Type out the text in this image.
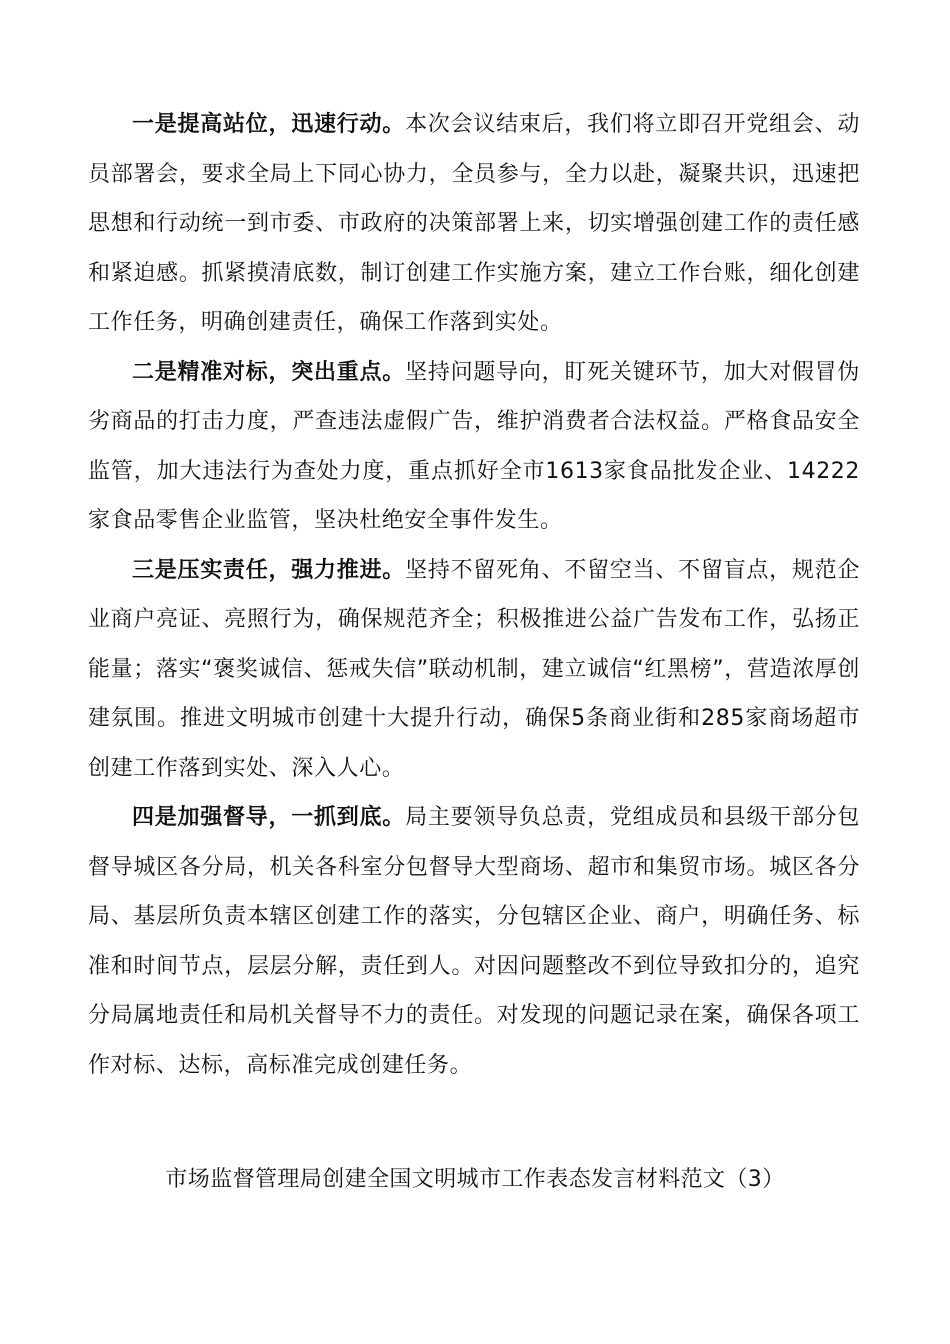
一是提高站位，迅速行动。本次会议结束后，我们将立即召开党组会、动员部署会，要求全局上下同心协力，全员参与，全力以赴，凝聚共识，迅速把思想和行动统一到市委、市政府的决策部署上来，切实增强创建工作的责任感和紧迫感。抓紧摸清底数，制订创建工作实施方案，建立工作台账，细化创建工作任务，明确创建责任，确保工作落到实处。

二是精准对标，突出重点。坚持问题导向，盯死关键环节，加大对假冒伪劣商品的打击力度，严查违法虚假广告，维护消费者合法权益。严格食品安全监管，加大违法行为查处力度，重点抓好全市1613家食品批发企业、14222家食品零售企业监管，坚决杜绝安全事件发生。

三是压实责任，强力推进。坚持不留死角、不留空当、不留盲点，规范企业商户亮证、亮照行为，确保规范齐全；积极推进公益广告发布工作，弘扬正能量；落实“褒奖诚信、惩戒失信”联动机制，建立诚信“红黑榜”，营造浓厚创建氛围。推进文明城市创建十大提升行动，确保5条商业街和285家商场超市创建工作落到实处、深入人心。

四是加强督导，一抓到底。局主要领导负总责，党组成员和县级干部分包督导城区各分局，机关各科室分包督导大型商场、超市和集贸市场。城区各分局、基层所负责本辖区创建工作的落实，分包辖区企业、商户，明确任务、标准和时间节点，层层分解，责任到人。对因问题整改不到位导致扣分的，追究分局属地责任和局机关督导不力的责任。对发现的问题记录在案，确保各项工作对标、达标，高标准完成创建任务。

市场监督管理局创建全国文明城市工作表态发言材料范文（3）
